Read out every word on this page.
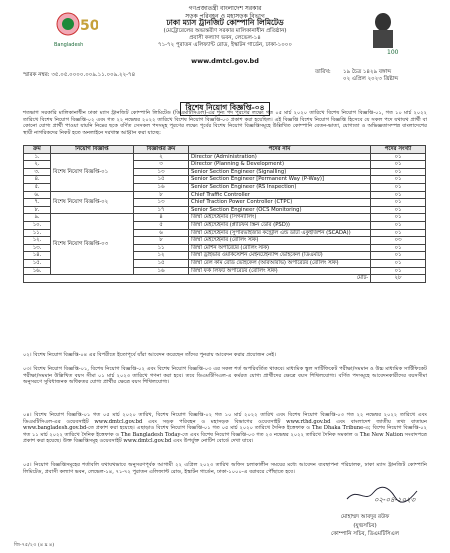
50
Bangladesh
100
গণপ্রজাতন্ত্রী বাংলাদেশ সরকার
সড়ক পরিবহন ও মহাসড়ক বিভাগ
ঢাকা ম্যাস ট্রানজিট কোম্পানি লিমিটেড
(মেট্রোরেলের অভ্যন্তরীণ সরকার মালিকানাধীন প্রতিষ্ঠান)
প্রবাসী কল্যাণ ভবন, লেভেল-১৪
৭১-৭২ পুরাতন এলিফ্যান্ট রোড, ইস্কাটন গার্ডেন, ঢাকা-১০০০
www.dmtcl.gov.bd
স্মারক নম্বর: ৩৫.০৫.০০০০.০০৯.১১.০০৯.২২-৭৪	তারিখ: ১৯ চৈত্র ১৪২৯ বঙ্গাব্দ
০২ এপ্রিল ২০২৩ খ্রিষ্টাব্দ
বিশেষ নিয়োগ বিজ্ঞপ্তি-০৪
শতভাগ সরকারি মালিকানাধীন ঢাকা ম্যাস ট্রানজিট কোম্পানি লিমিটেড (ডিএমটিসিএল)-এর শূন্য পদ পূরণের লক্ষ্যে গত ০৫ মার্চ ২০২০ তারিখে বিশেষ নিয়োগ বিজ্ঞপ্তি-০১, গত ১০ মার্চ ২০২২ তারিখে বিশেষ নিয়োগ বিজ্ঞপ্তি-০২ এবং গত ২২ নভেম্বর ২০২২ তারিখে বিশেষ নিয়োগ বিজ্ঞপ্তি-০৩ প্রকাশ করা হয়েছিল। এই বিজ্ঞপ্তি বিশেষ নিয়োগ বিজ্ঞপ্তি হিসেবে যে সকল পদে যথাযথ প্রার্থী বা কোনো যোগ্য প্রার্থী পাওয়া যায়নি নিম্নের ছকে বর্ণিত সেসকল পদসমূহ পূরণের লক্ষ্যে পূর্বের বিশেষ নিয়োগ বিজ্ঞপ্তিসমূহে উল্লিখিত কোম্পানি বেতন-ভাতা, যোগ্যতা ও অভিজ্ঞতাসম্পন্ন বাংলাদেশের স্থায়ী নাগরিকদের নিকট হতে অনলাইনে দরখাস্ত আহ্বান করা যাচ্ছে:
ক্রম	নিয়োগ বিজ্ঞপ্তি	বিজ্ঞপ্তির ক্রম	পদের নাম	পদের সংখ্যা
১.	বিশেষ নিয়োগ বিজ্ঞপ্তি-০১	২	Director (Administration)	০১
২.		৩	Director (Planning & Development)	০১
৩.		১৩	Senior Section Engineer (Signalling)	০১
৪.		১৫	Senior Section Engineer [Permanent Way (P-Way)]	০১
৫.		১৬	Senior Section Engineer (RS Inspection)	০১
৬.	বিশেষ নিয়োগ বিজ্ঞপ্তি-০২	৮	Chief Traffic Controller	০১
৭.		১৩	Chief Traction Power Controller (CTPC)	০১
৮.		১৭	Senior Section Engineer (OCS Monitoring)	০১
৯.	বিশেষ নিয়োগ বিজ্ঞপ্তি-০৩	৪	জিম্বা মেইন্টেইনার (সিগন্যালিং)	০১
১০.		৫	জিম্বা মেইন্টেইনার (প্ল্যাটফর্ম স্ক্রিন ডোর (PSD))	০১
১১.		৬	জিম্বা মেইন্টেইনার (সুপারভাইজরি কন্ট্রোল এন্ড ডাটা একুইজিশন (SCADA))	০১
১২.		৮	জিম্বা মেইন্টেইনার (রোলিং স্টক)	০৩
১৩.		১১	জিম্বা মেশিন অপারেটর (রোলিং স্টক)	০১
১৪.		১২	জিম্বা ড্রাইভার ওয়ার্কস্টেশন মেইনটেইন্যান্স ভেহিকেল (ডিএমটি)	০১
১৫.		১৫	জিম্বা রেল কাম রোড ভেহিকেল (আরআরভি) অপারেটর (রোলিং স্টক)	০১
১৬.		১৬	জিম্বা ফর্ক লিফট অপারেটর (রোলিং স্টক)	০১
মোট-				২৮
০২। বিশেষ নিয়োগ বিজ্ঞপ্তি-০৪ এর বিপরীতে ইতোপূর্বে যাঁরা আবেদন করেছেন তাঁদের পুনরায় আবেদন করার প্রয়োজন নেই।
০৩। বিশেষ নিয়োগ বিজ্ঞপ্তি-০১, বিশেষ নিয়োগ বিজ্ঞপ্তি-০২ এবং বিশেষ নিয়োগ বিজ্ঞপ্তি-০৩ এর সকল শর্ত অপরিবর্তিত থাকবে। মাধ্যমিক স্কুল সার্টিফিকেট পরীক্ষা/সমমান ও উচ্চ মাধ্যমিক সার্টিফিকেট পরীক্ষা/সমমান উল্লিখিত বয়স সীমা ০১ মার্চ ২০২৩ তারিখে গণনা করা হবে। তবে ডিএমটিসিএল-এ কর্মরত যোগ্য প্রার্থীদের ক্ষেত্রে বয়স শিথিলযোগ্য। বর্ণিত পদসমূহে আবেদনকারীদের বয়সসীমা অনুসরণে সুবিধাজনক অধিকতর যোগ্য প্রার্থীর ক্ষেত্রে বয়স শিথিলযোগ্য।
০৪। বিশেষ নিয়োগ বিজ্ঞপ্তি-০১ গত ০৫ মার্চ ২০২০ তারিখ, বিশেষ নিয়োগ বিজ্ঞপ্তি-০২ গত ১০ মার্চ ২০২২ তারিখ এবং বিশেষ নিয়োগ বিজ্ঞপ্তি-০৩ গত ২২ নভেম্বর ২০২২ তারিখে এবং ডিএমটিসিএল-এর ওয়েবসাইট www.dmtcl.gov.bd এবং সড়ক পরিবহন ও মহাসড়ক বিভাগের ওয়েবসাইট www.rthd.gov.bd এবং বাংলাদেশ জাতীয় তথ্য বাতায়ন www.bangladesh.gov.bd-তে প্রকাশ করা হয়েছে। এছাড়াও বিশেষ নিয়োগ বিজ্ঞপ্তি-০১ গত ০৫ মার্চ ২০২০ তারিখে দৈনিক ইত্তেফাক ও The Dhaka Tribune-এ; বিশেষ নিয়োগ বিজ্ঞপ্তি-০২ গত ১১ মার্চ ২০২২ তারিখে দৈনিক ইত্তেফাক ও The Bangladesh Today-তে এবং বিশেষ নিয়োগ বিজ্ঞপ্তি-০৩ গত ২৩ নভেম্বর ২০২২ তারিখে দৈনিক সমকাল ও The New Nation সংবাদপত্রে প্রকাশ করা হয়েছে। উক্ত বিজ্ঞপ্তিসমূহ ওয়েবসাইট www.dmtcl.gov.bd এবং উপর্যুক্ত নোটিশ বোর্ডে দেখা যাবে।
০৫। নিয়োগ বিজ্ঞপ্তিসমূহের শর্তাবলি যথাযথভাবে অনুসরণপূর্বক আগামী ২২ এপ্রিল ২০২৩ তারিখ অফিস চলাকালীন সময়ের মধ্যে আবেদন ব্যবস্থাপনা পরিচালক, ঢাকা ম্যাস ট্রানজিট কোম্পানি লিমিটেড, প্রবাসী কল্যাণ ভবন, লেভেল-১৪, ৭১-৭২ পুরাতন এলিফ্যান্ট রোড, ইস্কাটন গার্ডেন, ঢাকা-১০০০-এ বরাবরে পৌঁছাতে হবে।
০২-০৪-২০২৩
মোহাম্মদ আবদুর রউফ
(যুগ্মসচিব)
কোম্পানি সচিব, ডিএমটিসিএল
জি-৭৫/২৩ (৪ x ৪)
